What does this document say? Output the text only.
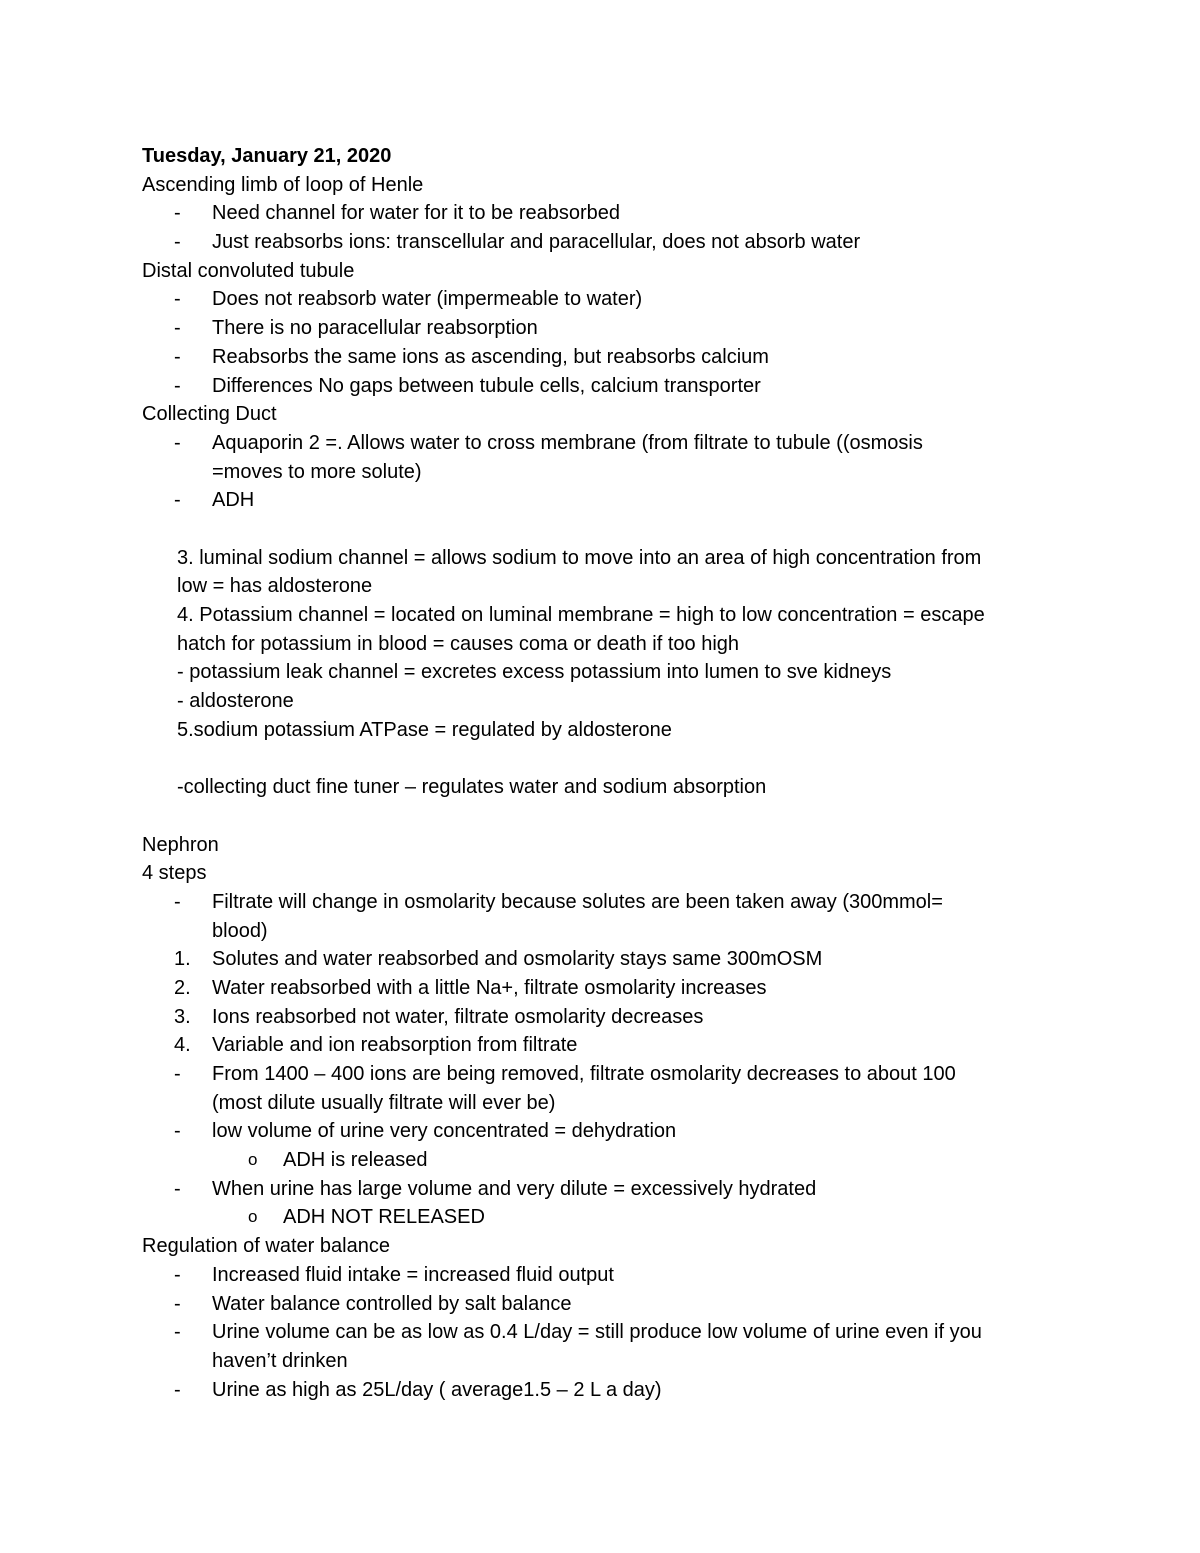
Tuesday, January 21, 2020
Ascending limb of loop of Henle
-	Need channel for water for it to be reabsorbed
-	Just reabsorbs ions: transcellular and paracellular, does not absorb water
Distal convoluted tubule
-	Does not reabsorb water (impermeable to water)
-	There is no paracellular reabsorption
-	Reabsorbs the same ions as ascending, but reabsorbs calcium
-	Differences No gaps between tubule cells, calcium transporter
Collecting Duct
-	Aquaporin 2 =. Allows water to cross membrane (from filtrate to tubule ((osmosis
=moves to more solute)
-	ADH
3. luminal sodium channel = allows sodium to move into an area of high concentration from
low = has aldosterone
4. Potassium channel = located on luminal membrane = high to low concentration = escape
hatch for potassium in blood = causes coma or death if too high
- potassium leak channel = excretes excess potassium into lumen to sve kidneys
- aldosterone
5.sodium potassium ATPase = regulated by aldosterone
-collecting duct fine tuner – regulates water and sodium absorption
Nephron
4 steps
-	Filtrate will change in osmolarity because solutes are been taken away (300mmol=
blood)
1.	Solutes and water reabsorbed and osmolarity stays same 300mOSM
2.	Water reabsorbed with a little Na+, filtrate osmolarity increases
3.	Ions reabsorbed not water, filtrate osmolarity decreases
4.	Variable and ion reabsorption from filtrate
-	From 1400 – 400 ions are being removed, filtrate osmolarity decreases to about 100
(most dilute usually filtrate will ever be)
-	low volume of urine very concentrated = dehydration
o ADH is released
-	When urine has large volume and very dilute = excessively hydrated
o ADH NOT RELEASED
Regulation of water balance
-	Increased fluid intake = increased fluid output
-	Water balance controlled by salt balance
-	Urine volume can be as low as 0.4 L/day = still produce low volume of urine even if you
haven’t drinken
-	Urine as high as 25L/day ( average1.5 – 2 L a day)
